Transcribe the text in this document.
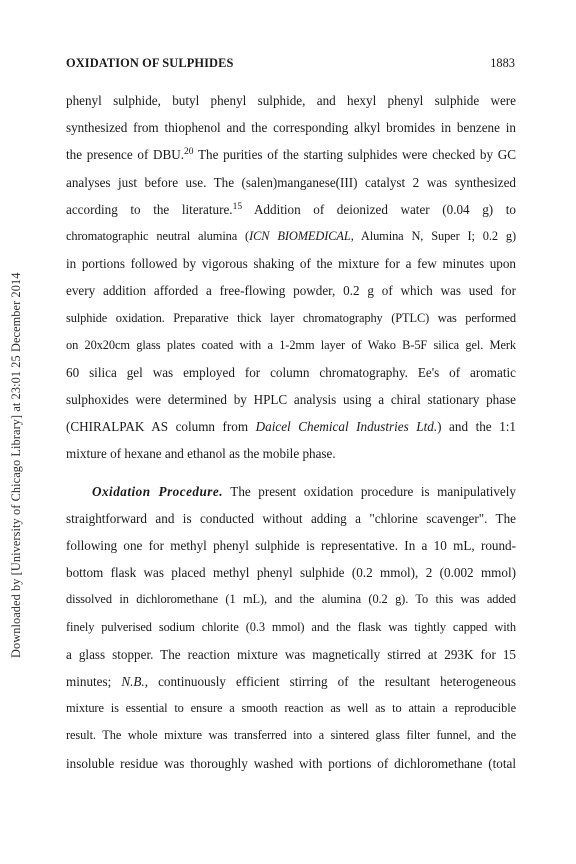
Downloaded by [University of Chicago Library] at 23:01 25 December 2014
OXIDATION OF SULPHIDES	1883
phenyl sulphide, butyl phenyl sulphide, and hexyl phenyl sulphide were
synthesized from thiophenol and the corresponding alkyl bromides in benzene in
the presence of DBU.$^{20}$ The purities of the starting sulphides were checked by GC
analyses just before use. The (salen)manganese(III) catalyst 2 was synthesized
according to the literature.$^{15}$ Addition of deionized water (0.04 g) to
chromatographic neutral alumina (ICN BIOMEDICAL, Alumina N, Super I; 0.2 g)
in portions followed by vigorous shaking of the mixture for a few minutes upon
every addition afforded a free-flowing powder, 0.2 g of which was used for
sulphide oxidation. Preparative thick layer chromatography (PTLC) was performed
on 20x20cm glass plates coated with a 1-2mm layer of Wako B-5F silica gel. Merk
60 silica gel was employed for column chromatography. Ee's of aromatic
sulphoxides were determined by HPLC analysis using a chiral stationary phase
(CHIRALPAK AS column from Daicel Chemical Industries Ltd.) and the 1:1
mixture of hexane and ethanol as the mobile phase.
Oxidation Procedure. The present oxidation procedure is manipulatively
straightforward and is conducted without adding a "chlorine scavenger". The
following one for methyl phenyl sulphide is representative. In a 10 mL, round-
bottom flask was placed methyl phenyl sulphide (0.2 mmol), 2 (0.002 mmol)
dissolved in dichloromethane (1 mL), and the alumina (0.2 g). To this was added
finely pulverised sodium chlorite (0.3 mmol) and the flask was tightly capped with
a glass stopper. The reaction mixture was magnetically stirred at 293K for 15
minutes; N.B., continuously efficient stirring of the resultant heterogeneous
mixture is essential to ensure a smooth reaction as well as to attain a reproducible
result. The whole mixture was transferred into a sintered glass filter funnel, and the
insoluble residue was thoroughly washed with portions of dichloromethane (total
